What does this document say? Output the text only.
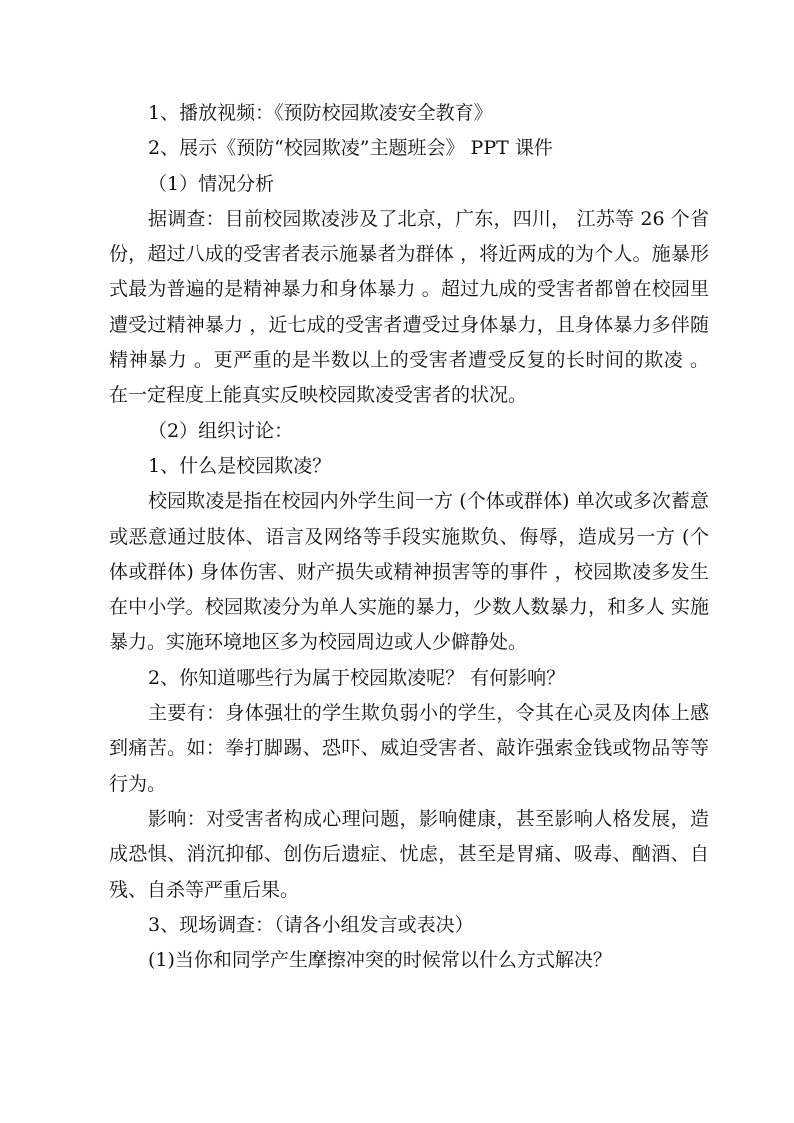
1、播放视频：《预防校园欺凌安全教育》

2、展示《预防“校园欺凌”主题班会》 PPT 课件

（1）情况分析

据调查：目前校园欺凌涉及了北京，广东，四川， 江苏等 26 个省份，超过八成的受害者表示施暴者为群体 ，将近两成的为个人。施暴形式最为普遍的是精神暴力和身体暴力 。超过九成的受害者都曾在校园里遭受过精神暴力 ，近七成的受害者遭受过身体暴力，且身体暴力多伴随精神暴力 。更严重的是半数以上的受害者遭受反复的长时间的欺凌 。在一定程度上能真实反映校园欺凌受害者的状况。

（2）组织讨论：

1、什么是校园欺凌？

校园欺凌是指在校园内外学生间一方 (个体或群体) 单次或多次蓄意或恶意通过肢体、语言及网络等手段实施欺负、侮辱，造成另一方 (个体或群体) 身体伤害、财产损失或精神损害等的事件 ，校园欺凌多发生在中小学。校园欺凌分为单人实施的暴力，少数人数暴力，和多人 实施暴力。实施环境地区多为校园周边或人少僻静处。

2、你知道哪些行为属于校园欺凌呢？ 有何影响？

主要有：身体强壮的学生欺负弱小的学生，令其在心灵及肉体上感到痛苦。如：拳打脚踢、恐吓、威迫受害者、敲诈强索金钱或物品等等行为。

影响：对受害者构成心理问题，影响健康，甚至影响人格发展，造成恐惧、消沉抑郁、创伤后遗症、忧虑，甚至是胃痛、吸毒、酗酒、自残、自杀等严重后果。

3、现场调查：（请各小组发言或表决）

(1)当你和同学产生摩擦冲突的时候常以什么方式解决？
